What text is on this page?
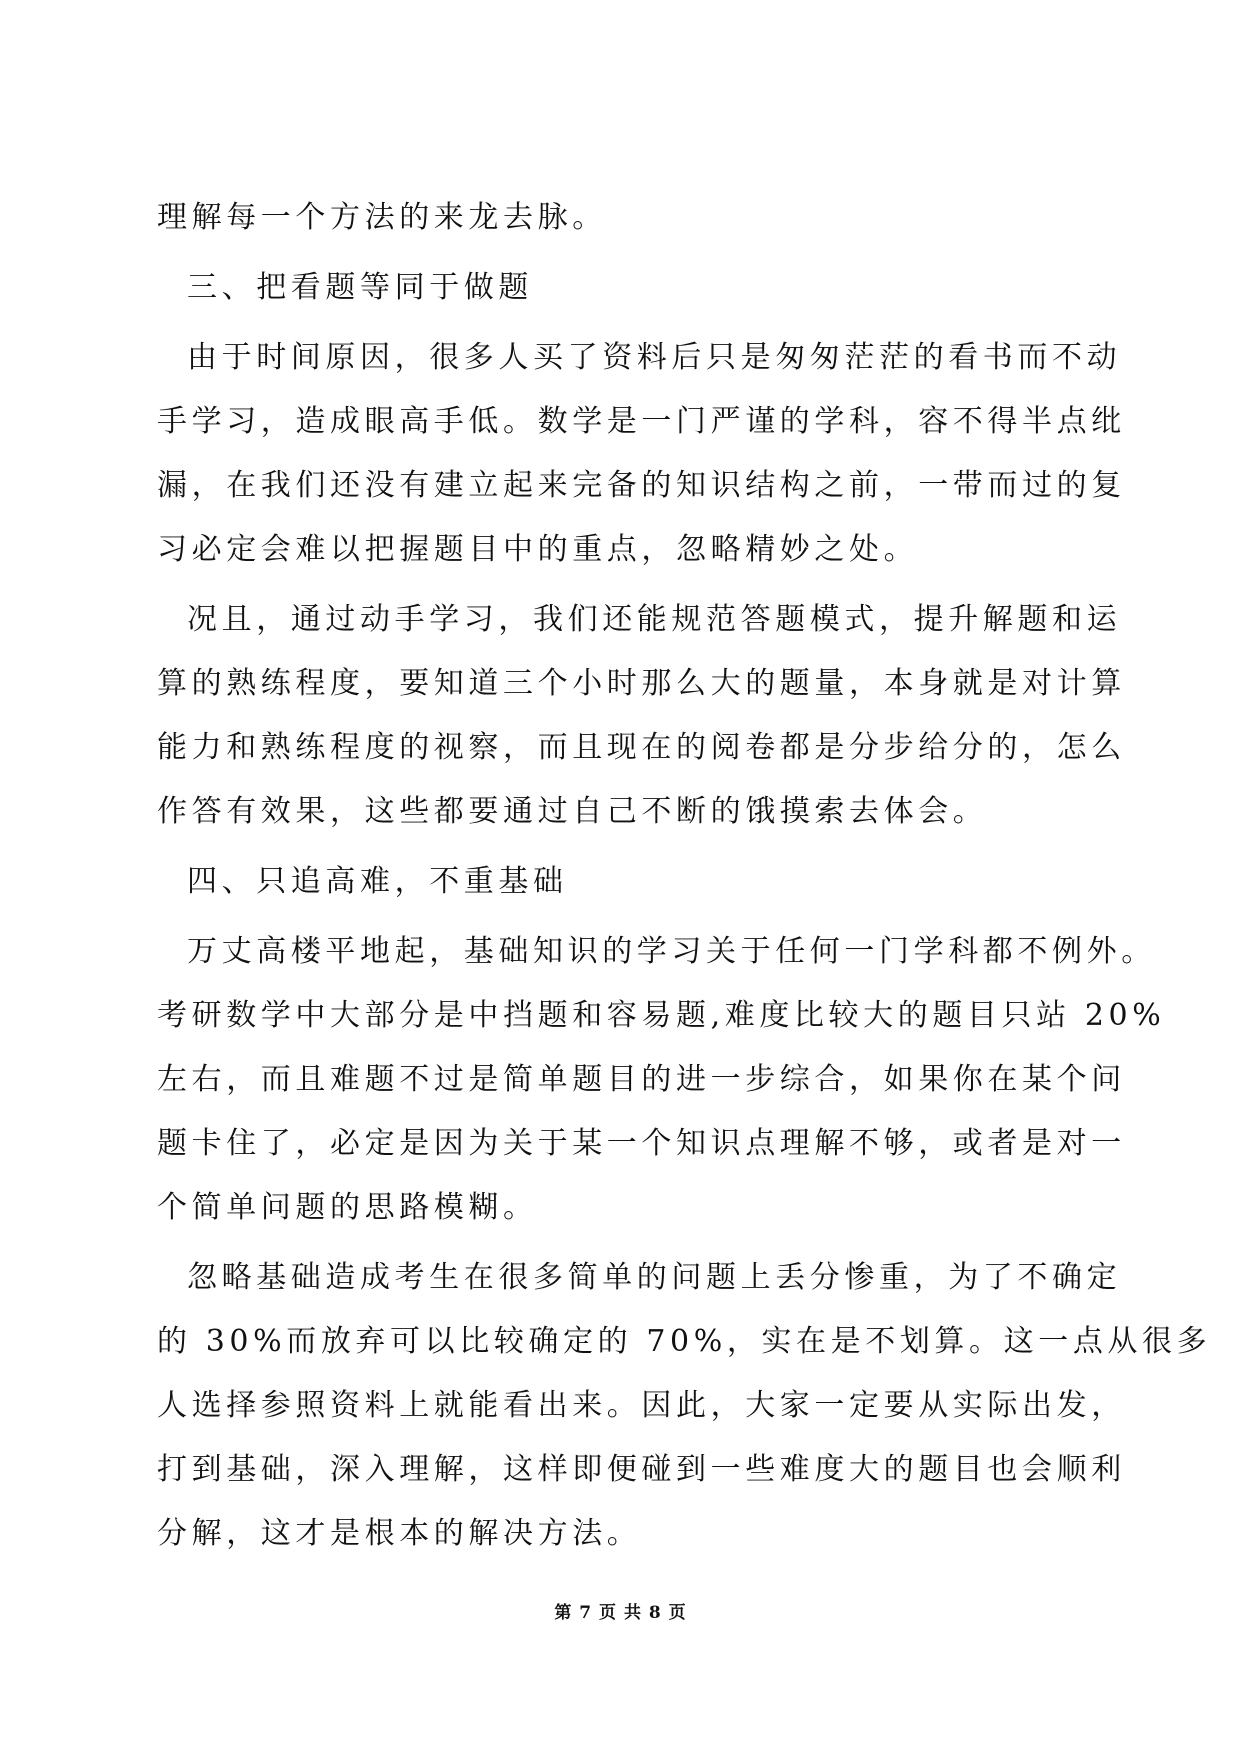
理解每一个方法的来龙去脉。
三、把看题等同于做题
由于时间原因，很多人买了资料后只是匆匆茫茫的看书而不动
手学习，造成眼高手低。数学是一门严谨的学科，容不得半点纰
漏，在我们还没有建立起来完备的知识结构之前，一带而过的复
习必定会难以把握题目中的重点，忽略精妙之处。
况且，通过动手学习，我们还能规范答题模式，提升解题和运
算的熟练程度，要知道三个小时那么大的题量，本身就是对计算
能力和熟练程度的视察，而且现在的阅卷都是分步给分的，怎么
作答有效果，这些都要通过自己不断的饿摸索去体会。
四、只追高难，不重基础
万丈高楼平地起，基础知识的学习关于任何一门学科都不例外。
考研数学中大部分是中挡题和容易题,难度比较大的题目只站 20%
左右，而且难题不过是简单题目的进一步综合，如果你在某个问
题卡住了，必定是因为关于某一个知识点理解不够，或者是对一
个简单问题的思路模糊。
忽略基础造成考生在很多简单的问题上丢分惨重，为了不确定
的 30%而放弃可以比较确定的 70%，实在是不划算。这一点从很多
人选择参照资料上就能看出来。因此，大家一定要从实际出发，
打到基础，深入理解，这样即便碰到一些难度大的题目也会顺利
分解，这才是根本的解决方法。
第 7 页 共 8 页
